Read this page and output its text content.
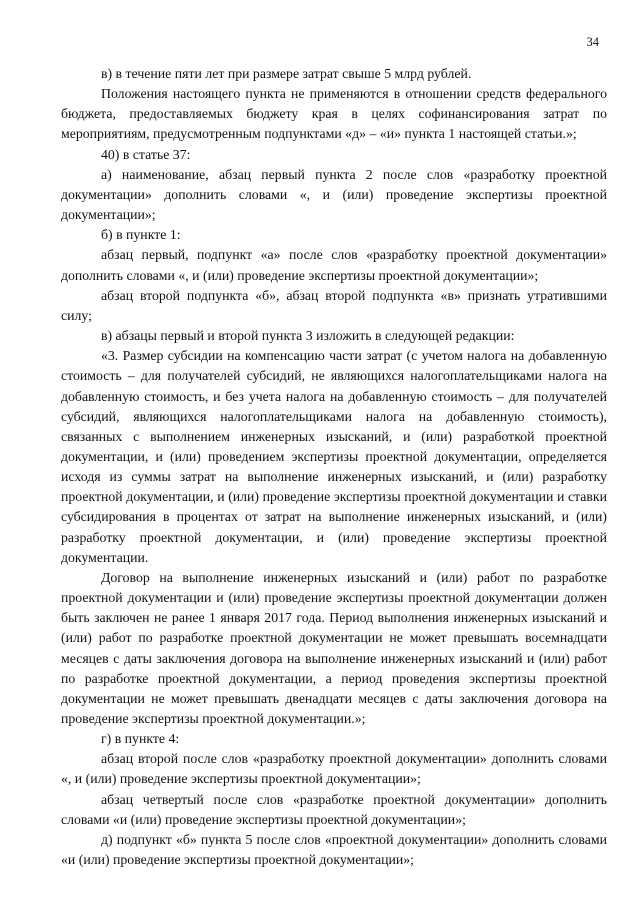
34

в) в течение пяти лет при размере затрат свыше 5 млрд рублей.

Положения настоящего пункта не применяются в отношении средств федерального бюджета, предоставляемых бюджету края в целях софинансирования затрат по мероприятиям, предусмотренным подпунктами «д» – «и» пункта 1 настоящей статьи.»;

40) в статье 37:

а) наименование, абзац первый пункта 2 после слов «разработку проектной документации» дополнить словами «, и (или) проведение экспертизы проектной документации»;

б) в пункте 1:

абзац первый, подпункт «а» после слов «разработку проектной документации» дополнить словами «, и (или) проведение экспертизы проектной документации»;

абзац второй подпункта «б», абзац второй подпункта «в» признать утратившими силу;

в) абзацы первый и второй пункта 3 изложить в следующей редакции:

«3. Размер субсидии на компенсацию части затрат (с учетом налога на добавленную стоимость – для получателей субсидий, не являющихся налогоплательщиками налога на добавленную стоимость, и без учета налога на добавленную стоимость – для получателей субсидий, являющихся налогоплательщиками налога на добавленную стоимость), связанных с выполнением инженерных изысканий, и (или) разработкой проектной документации, и (или) проведением экспертизы проектной документации, определяется исходя из суммы затрат на выполнение инженерных изысканий, и (или) разработку проектной документации, и (или) проведение экспертизы проектной документации и ставки субсидирования в процентах от затрат на выполнение инженерных изысканий, и (или) разработку проектной документации, и (или) проведение экспертизы проектной документации.

Договор на выполнение инженерных изысканий и (или) работ по разработке проектной документации и (или) проведение экспертизы проектной документации должен быть заключен не ранее 1 января 2017 года. Период выполнения инженерных изысканий и (или) работ по разработке проектной документации не может превышать восемнадцати месяцев с даты заключения договора на выполнение инженерных изысканий и (или) работ по разработке проектной документации, а период проведения экспертизы проектной документации не может превышать двенадцати месяцев с даты заключения договора на проведение экспертизы проектной документации.»;

г) в пункте 4:

абзац второй после слов «разработку проектной документации» дополнить словами «, и (или) проведение экспертизы проектной документации»;

абзац четвертый после слов «разработке проектной документации» дополнить словами «и (или) проведение экспертизы проектной документации»;

д) подпункт «б» пункта 5 после слов «проектной документации» дополнить словами «и (или) проведение экспертизы проектной документации»;
